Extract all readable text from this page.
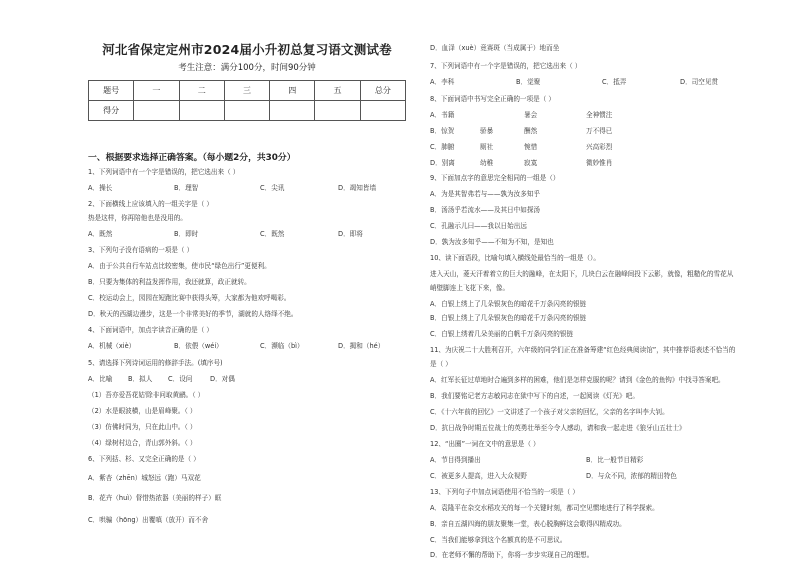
河北省保定定州市2024届小升初总复习语文测试卷
考生注意：满分100分，时间90分钟
题号	一	二	三	四	五	总分
得分						
一、根据要求选择正确答案。（每小题2分，共30分）
1、下列词语中有一个字是错误的，把它选出来（ ）
A．操长	B．理智	C．尖讯	D．竭知皆墙
2、下面横线上应该填入的一组关字是（ ）
热是这样，你再陪他也是没用的。
A．既然	B．即时	C．既然	D．即将
3、下列句子没有语病的一项是（ ）
A．由于公共自行车站点比较密集，使市民“绿色出行”更便利。
B．只要为集体的利益发挥作用，我还就算，政正就转。
C．校运动会上，园园在短跑比赛中获得头筹，大家都为他欢呼喝彩。
D．秋天的西湖边漫步，这是一个非常美好的季节，湖就的人络绎不绝。
4、下面词语中，加点字读音正确的是（ ）
A．机械（xiè）	B．依偎（wéi）	C．濒临（bì）	D．揭和（hé）
5、请选择下列诗词运用的修辞手法。(填序号)
A．比喻 B．拟人 C．设问	D．对偶
（1）吾亦爱吾花姑ⁱ除非问取黄鹂。（ ）
（2）水是眼波横，山是眉峰聚。（ ）
（3）仿佛时同为，只在此山中。（ ）
（4）绿树村边合，青山郭外斜。（ ）
6、下列括、杉、又完全正确的是（ ）
A．紫杏（zhēn）城怒远（跑）马双花
B．花卉（huì）督惜热浓器（美丽的样子）眶
C．哄骗（hōng）出覆嗔（放开）而不舍
D．血泽（xuè）竟赛斑（当成属于）地而坐
7、下列词语中有一个字是错误的，把它选出来（ ）
A．李科	B．觉聚	C．抵弄	D．司空见贯
8、下面词语中书写完全正确的一项是（ ）
A．书籍	暑会	全神惯注
B．惊贺	骄暴	酬然	万不得已
C．肺腑	厕社	惋惜	兴高彩烈
D．别离	幼稚	寂寞	微妙惟肖
9、下面加点字的意思完全相同的一组是（）
A．为是其智弗若与——孰为汝多知乎
B．汤汤乎若流水——及其日中如探汤
C．孔融示儿曰——我以日始出远
D．孰为汝多知乎——不知为不知，是知也
10、读下面语段，比喻句填入横线处最恰当的一组是（）。
进入天山，菱天汗着着立的巨大的融峰，在太阳下，几块白云在融峰间投下云影，就像，粗糙化的雪花从
峭壁脚连上飞花下来，像。
A．白银上绣上了几朵银灰色的暗花千万条闪亮的银链
B．白银上绣上了几朵银灰色的暗花千万条闪亮的银链
C．白银上绣着几朵美丽的白帆千万条闪亮的银链
11、为庆祝二十大胜利召开，六年级的同学们正在准备筹建“红色经典阅读馆”，其中推荐语表述不恰当的
是（ ）
A．红军长征过草地时合遍到多样的困难，他们是怎样克服的呢？请到《金色的鱼钩》中找寻答案吧。
B．我们要铭记老方志敏同志在狱中写下的自述，一起阅读《灯光》吧。
C．《十六年前的回忆》一文讲述了一个孩子对父亲的回忆，父亲的名字叫李大钊。
D．抗日战争时期五位战士的英勇壮举至今令人感动，请和我一起走进《狼牙山五壮士》
12、“出圈”一词在文中的意思是（ ）
A．节目得到播出	B．比一般节目精彩
C．被更多人提高，进入大众视野	D．与众不同，浓郁的精田特色
13、下列句子中加点词语使用不恰当的一项是（ ）
A．袁隆平在杂交水稻攻关的每一个关键时刻，都司空见惯地进行了科学探索。
B．亲自五湖四海的朋友聚集一堂，表心脱胸鲜这会歌得四精成功。
C．当我们能够拿到这个名额真的是不可思议。
D．在老师不懈的帮助下，你将一步步实现自己的理想。
